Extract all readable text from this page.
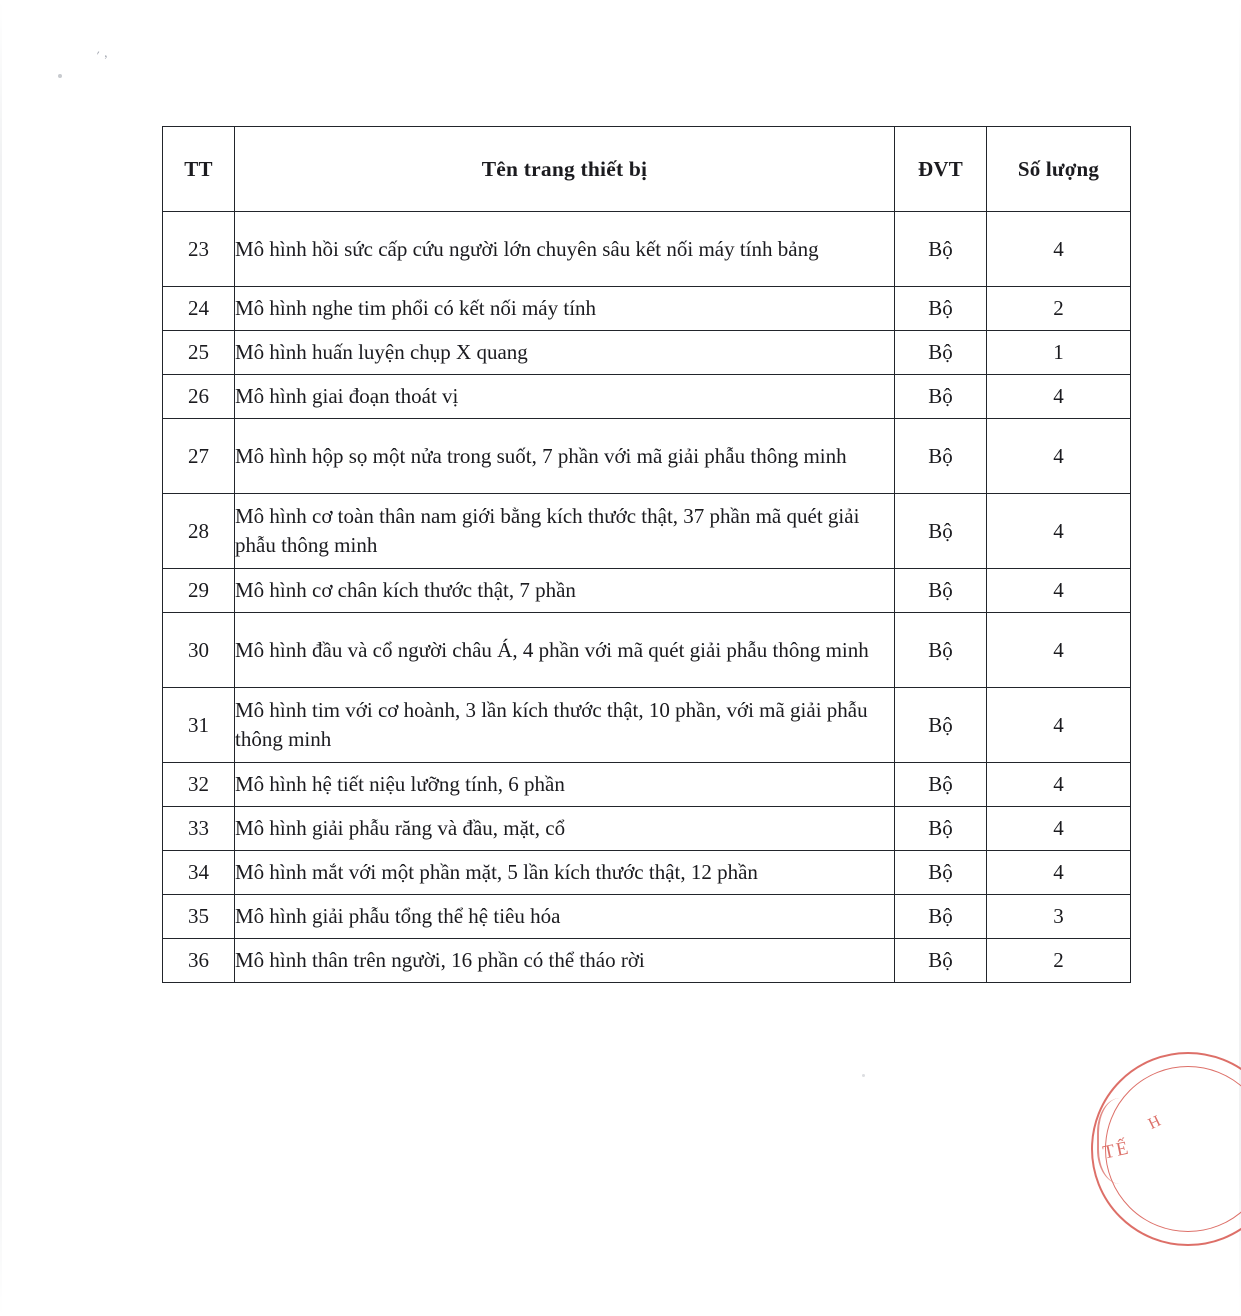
′ ʼ
TT	Tên trang thiết bị	ĐVT	Số lượng
23	Mô hình hồi sức cấp cứu người lớn chuyên sâu kết nối máy tính bảng	Bộ	4
24	Mô hình nghe tim phổi có kết nối máy tính	Bộ	2
25	Mô hình huấn luyện chụp X quang	Bộ	1
26	Mô hình giai đoạn thoát vị	Bộ	4
27	Mô hình hộp sọ một nửa trong suốt, 7 phần với mã giải phẫu thông minh	Bộ	4
28	Mô hình cơ toàn thân nam giới bằng kích thước thật, 37 phần mã quét giải phẫu thông minh	Bộ	4
29	Mô hình cơ chân kích thước thật, 7 phần	Bộ	4
30	Mô hình đầu và cổ người châu Á, 4 phần với mã quét giải phẫu thông minh	Bộ	4
31	Mô hình tim với cơ hoành, 3 lần kích thước thật, 10 phần, với mã giải phẫu thông minh	Bộ	4
32	Mô hình hệ tiết niệu lưỡng tính, 6 phần	Bộ	4
33	Mô hình giải phẫu răng và đầu, mặt, cổ	Bộ	4
34	Mô hình mắt với một phần mặt, 5 lần kích thước thật, 12 phần	Bộ	4
35	Mô hình giải phẫu tổng thể hệ tiêu hóa	Bộ	3
36	Mô hình thân trên người, 16 phần có thể tháo rời	Bộ	2
TẾ
H
